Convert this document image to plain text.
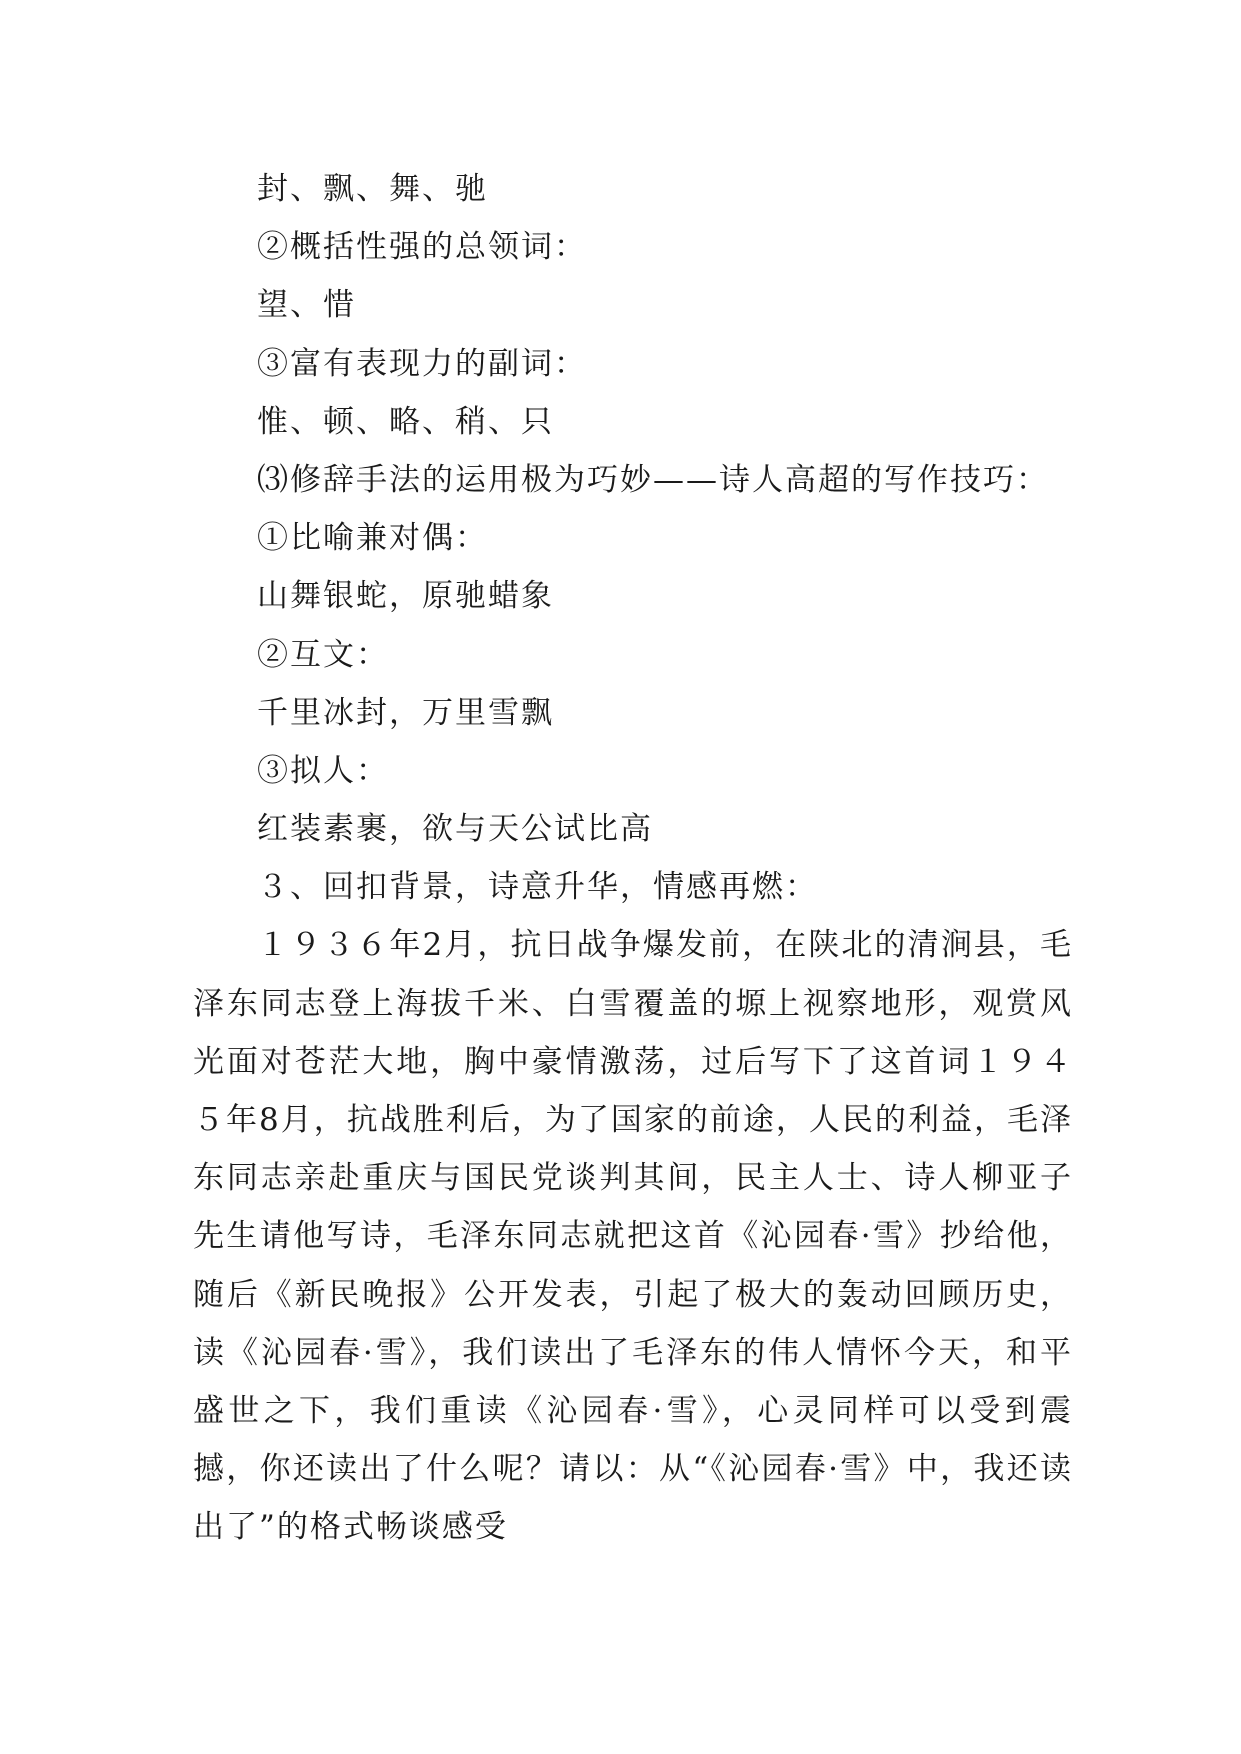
封、飘、舞、驰
②概括性强的总领词：
望、惜
③富有表现力的副词：
惟、顿、略、稍、只
⑶修辞手法的运用极为巧妙——诗人高超的写作技巧：
①比喻兼对偶：
山舞银蛇，原驰蜡象
②互文：
千里冰封，万里雪飘
③拟人：
红装素裹，欲与天公试比高
３、回扣背景，诗意升华，情感再燃：

１９３６年2月，抗日战争爆发前，在陕北的清涧县，毛泽东同志登上海拔千米、白雪覆盖的塬上视察地形，观赏风光面对苍茫大地，胸中豪情激荡，过后写下了这首词１９４５年8月，抗战胜利后，为了国家的前途，人民的利益，毛泽东同志亲赴重庆与国民党谈判其间，民主人士、诗人柳亚子先生请他写诗，毛泽东同志就把这首《沁园春·雪》抄给他，随后《新民晚报》公开发表，引起了极大的轰动回顾历史，读《沁园春·雪》，我们读出了毛泽东的伟人情怀今天，和平盛世之下，我们重读《沁园春·雪》，心灵同样可以受到震撼，你还读出了什么呢？请以：从“《沁园春·雪》中，我还读出了”的格式畅谈感受
